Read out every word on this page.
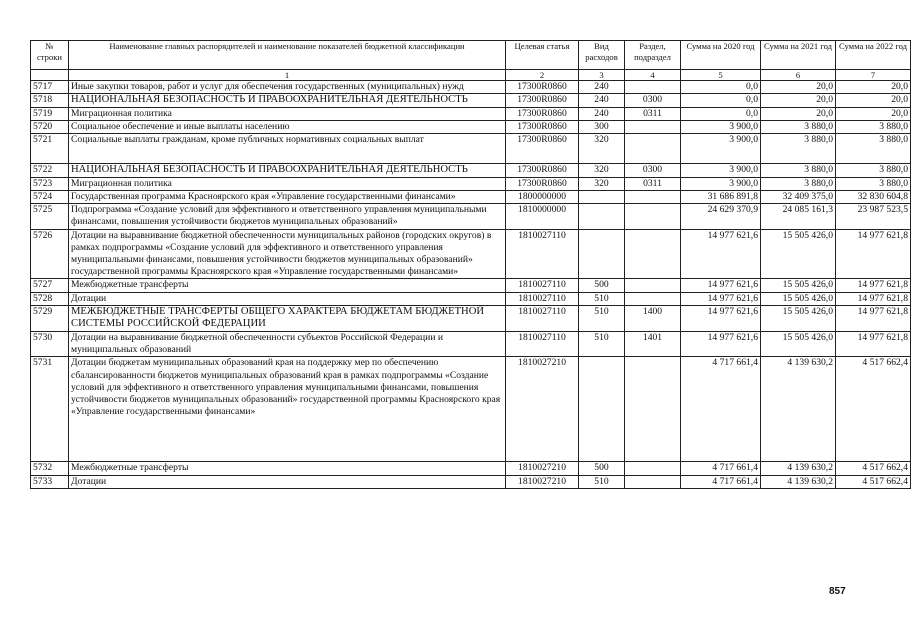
№ строки	Наименование главных распорядителей и наименование показателей бюджетной классификации	Целевая статья	Вид расходов	Раздел, подраздел	Сумма на 2020 год	Сумма на 2021 год	Сумма на 2022 год
	1	2	3	4	5	6	7
5717	Иные закупки товаров, работ и услуг для обеспечения государственных (муниципальных) нужд	17300R0860	240		0,0	20,0	20,0
5718	НАЦИОНАЛЬНАЯ БЕЗОПАСНОСТЬ И ПРАВООХРАНИТЕЛЬНАЯ ДЕЯТЕЛЬНОСТЬ	17300R0860	240	0300	0,0	20,0	20,0
5719	Миграционная политика	17300R0860	240	0311	0,0	20,0	20,0
5720	Социальное обеспечение и иные выплаты населению	17300R0860	300		3 900,0	3 880,0	3 880,0
5721	Социальные выплаты гражданам, кроме публичных нормативных социальных выплат	17300R0860	320		3 900,0	3 880,0	3 880,0
5722	НАЦИОНАЛЬНАЯ БЕЗОПАСНОСТЬ И ПРАВООХРАНИТЕЛЬНАЯ ДЕЯТЕЛЬНОСТЬ	17300R0860	320	0300	3 900,0	3 880,0	3 880,0
5723	Миграционная политика	17300R0860	320	0311	3 900,0	3 880,0	3 880,0
5724	Государственная программа Красноярского края «Управление государственными финансами»	1800000000			31 686 891,8	32 409 375,0	32 830 604,8
5725	Подпрограмма «Создание условий для эффективного и ответственного управления муниципальными финансами, повышения устойчивости бюджетов муниципальных образований»	1810000000			24 629 370,9	24 085 161,3	23 987 523,5
5726	Дотации на выравнивание бюджетной обеспеченности муниципальных районов (городских округов) в рамках подпрограммы «Создание условий для эффективного и ответственного управления муниципальными финансами, повышения устойчивости бюджетов муниципальных образований» государственной программы Красноярского края «Управление государственными финансами»	1810027110			14 977 621,6	15 505 426,0	14 977 621,8
5727	Межбюджетные трансферты	1810027110	500		14 977 621,6	15 505 426,0	14 977 621,8
5728	Дотации	1810027110	510		14 977 621,6	15 505 426,0	14 977 621,8
5729	МЕЖБЮДЖЕТНЫЕ ТРАНСФЕРТЫ ОБЩЕГО ХАРАКТЕРА БЮДЖЕТАМ БЮДЖЕТНОЙ СИСТЕМЫ РОССИЙСКОЙ ФЕДЕРАЦИИ	1810027110	510	1400	14 977 621,6	15 505 426,0	14 977 621,8
5730	Дотации на выравнивание бюджетной обеспеченности субъектов Российской Федерации и муниципальных образований	1810027110	510	1401	14 977 621,6	15 505 426,0	14 977 621,8
5731	Дотации бюджетам муниципальных образований края на поддержку мер по обеспечению сбалансированности бюджетов муниципальных образований края в рамках подпрограммы «Создание условий для эффективного и ответственного управления муниципальными финансами, повышения устойчивости бюджетов муниципальных образований» государственной программы Красноярского края «Управление государственными финансами»	1810027210			4 717 661,4	4 139 630,2	4 517 662,4
5732	Межбюджетные трансферты	1810027210	500		4 717 661,4	4 139 630,2	4 517 662,4
5733	Дотации	1810027210	510		4 717 661,4	4 139 630,2	4 517 662,4
857
